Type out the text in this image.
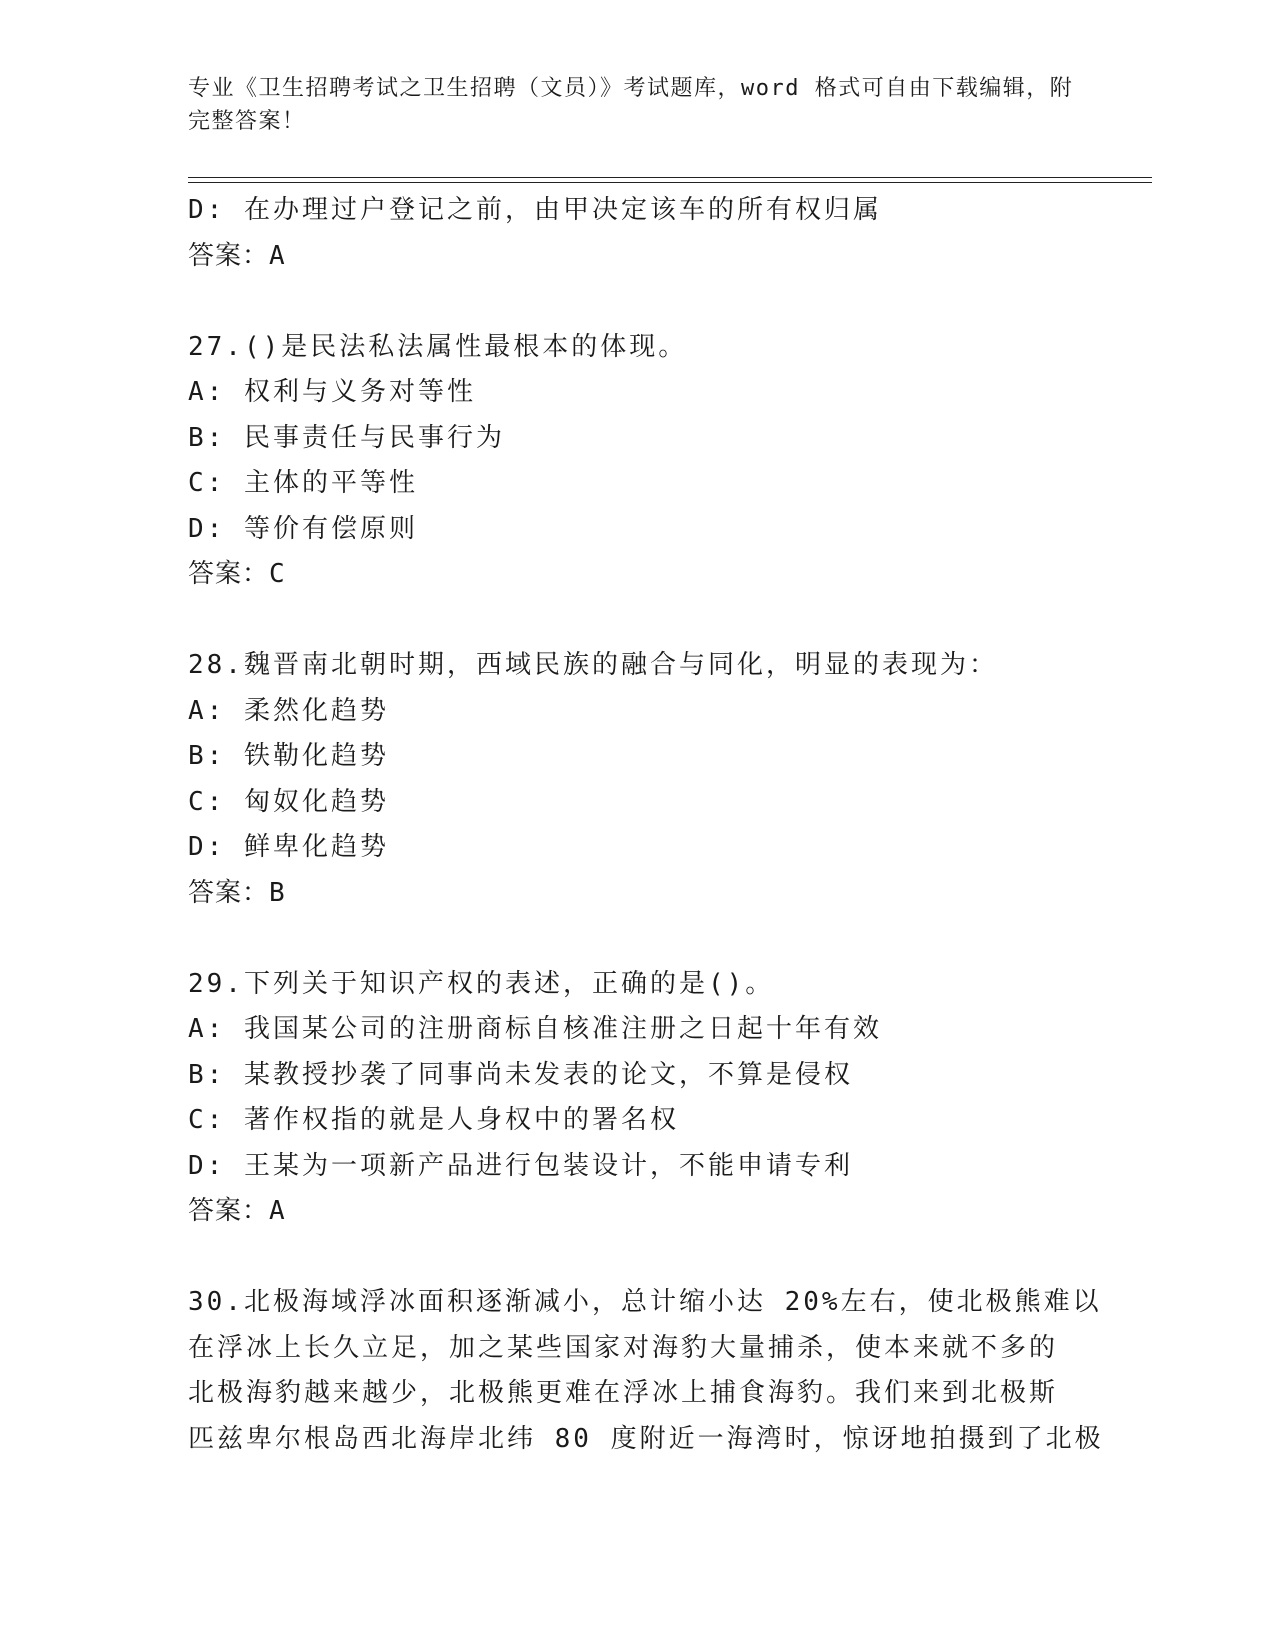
专业《卫生招聘考试之卫生招聘（文员）》考试题库，word 格式可自由下载编辑，附完整答案！
D: 在办理过户登记之前，由甲决定该车的所有权归属
答案：A
27.()是民法私法属性最根本的体现。
A: 权利与义务对等性
B: 民事责任与民事行为
C: 主体的平等性
D: 等价有偿原则
答案：C
28.魏晋南北朝时期，西域民族的融合与同化，明显的表现为：
A: 柔然化趋势
B: 铁勒化趋势
C: 匈奴化趋势
D: 鲜卑化趋势
答案：B
29.下列关于知识产权的表述，正确的是()。
A: 我国某公司的注册商标自核准注册之日起十年有效
B: 某教授抄袭了同事尚未发表的论文，不算是侵权
C: 著作权指的就是人身权中的署名权
D: 王某为一项新产品进行包装设计，不能申请专利
答案：A
30.北极海域浮冰面积逐渐减小，总计缩小达 20%左右，使北极熊难以
在浮冰上长久立足，加之某些国家对海豹大量捕杀，使本来就不多的
北极海豹越来越少，北极熊更难在浮冰上捕食海豹。我们来到北极斯
匹兹卑尔根岛西北海岸北纬 80 度附近一海湾时，惊讶地拍摄到了北极
